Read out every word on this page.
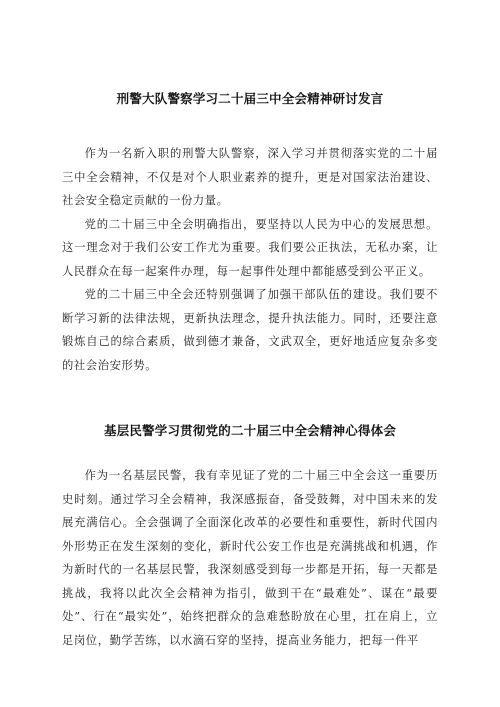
刑警大队警察学习二十届三中全会精神研讨发言

作为一名新入职的刑警大队警察，深入学习并贯彻落实党的二十届三中全会精神，不仅是对个人职业素养的提升，更是对国家法治建设、社会安全稳定贡献的一份力量。

党的二十届三中全会明确指出，要坚持以人民为中心的发展思想。这一理念对于我们公安工作尤为重要。我们要公正执法，无私办案，让人民群众在每一起案件办理，每一起事件处理中都能感受到公平正义。

党的二十届三中全会还特别强调了加强干部队伍的建设。我们要不断学习新的法律法规，更新执法理念，提升执法能力。同时，还要注意锻炼自己的综合素质，做到德才兼备，文武双全，更好地适应复杂多变的社会治安形势。

基层民警学习贯彻党的二十届三中全会精神心得体会

作为一名基层民警，我有幸见证了党的二十届三中全会这一重要历史时刻。通过学习全会精神，我深感振奋，备受鼓舞，对中国未来的发展充满信心。全会强调了全面深化改革的必要性和重要性，新时代国内外形势正在发生深刻的变化，新时代公安工作也是充满挑战和机遇，作为新时代的一名基层民警，我深刻感受到每一步都是开拓，每一天都是挑战，我将以此次全会精神为指引，做到干在“最难处”、谋在“最要处”、行在“最实处”，始终把群众的急难愁盼放在心里，扛在肩上，立足岗位，勤学苦练，以水滴石穿的坚持，提高业务能力，把每一件平
